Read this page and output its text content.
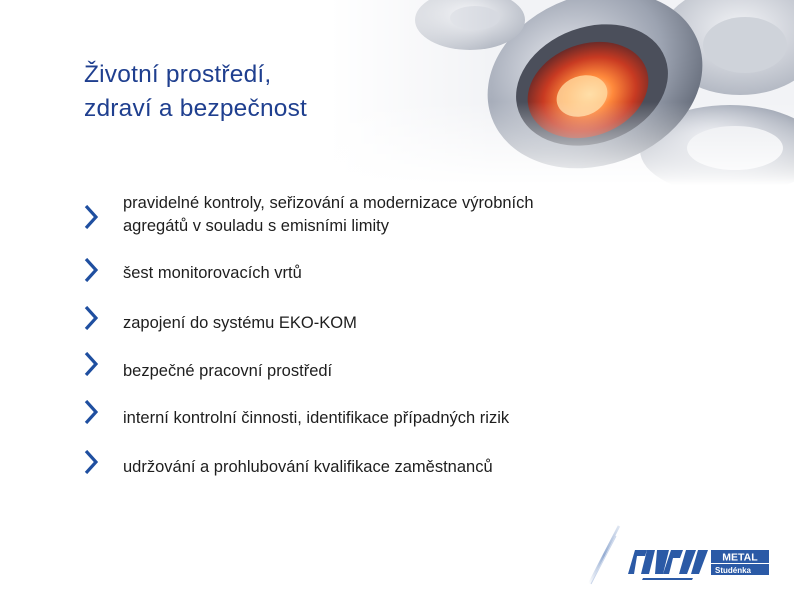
Životní prostředí,
zdraví a bezpečnost
pravidelné kontroly, seřizování a modernizace výrobních
agregátů v souladu s emisními limity
šest monitorovacích vrtů
zapojení do systému EKO-KOM
bezpečné pracovní prostředí
interní kontrolní činnosti, identifikace případných rizik
udržování a prohlubování kvalifikace zaměstnanců
METAL
Studénka
